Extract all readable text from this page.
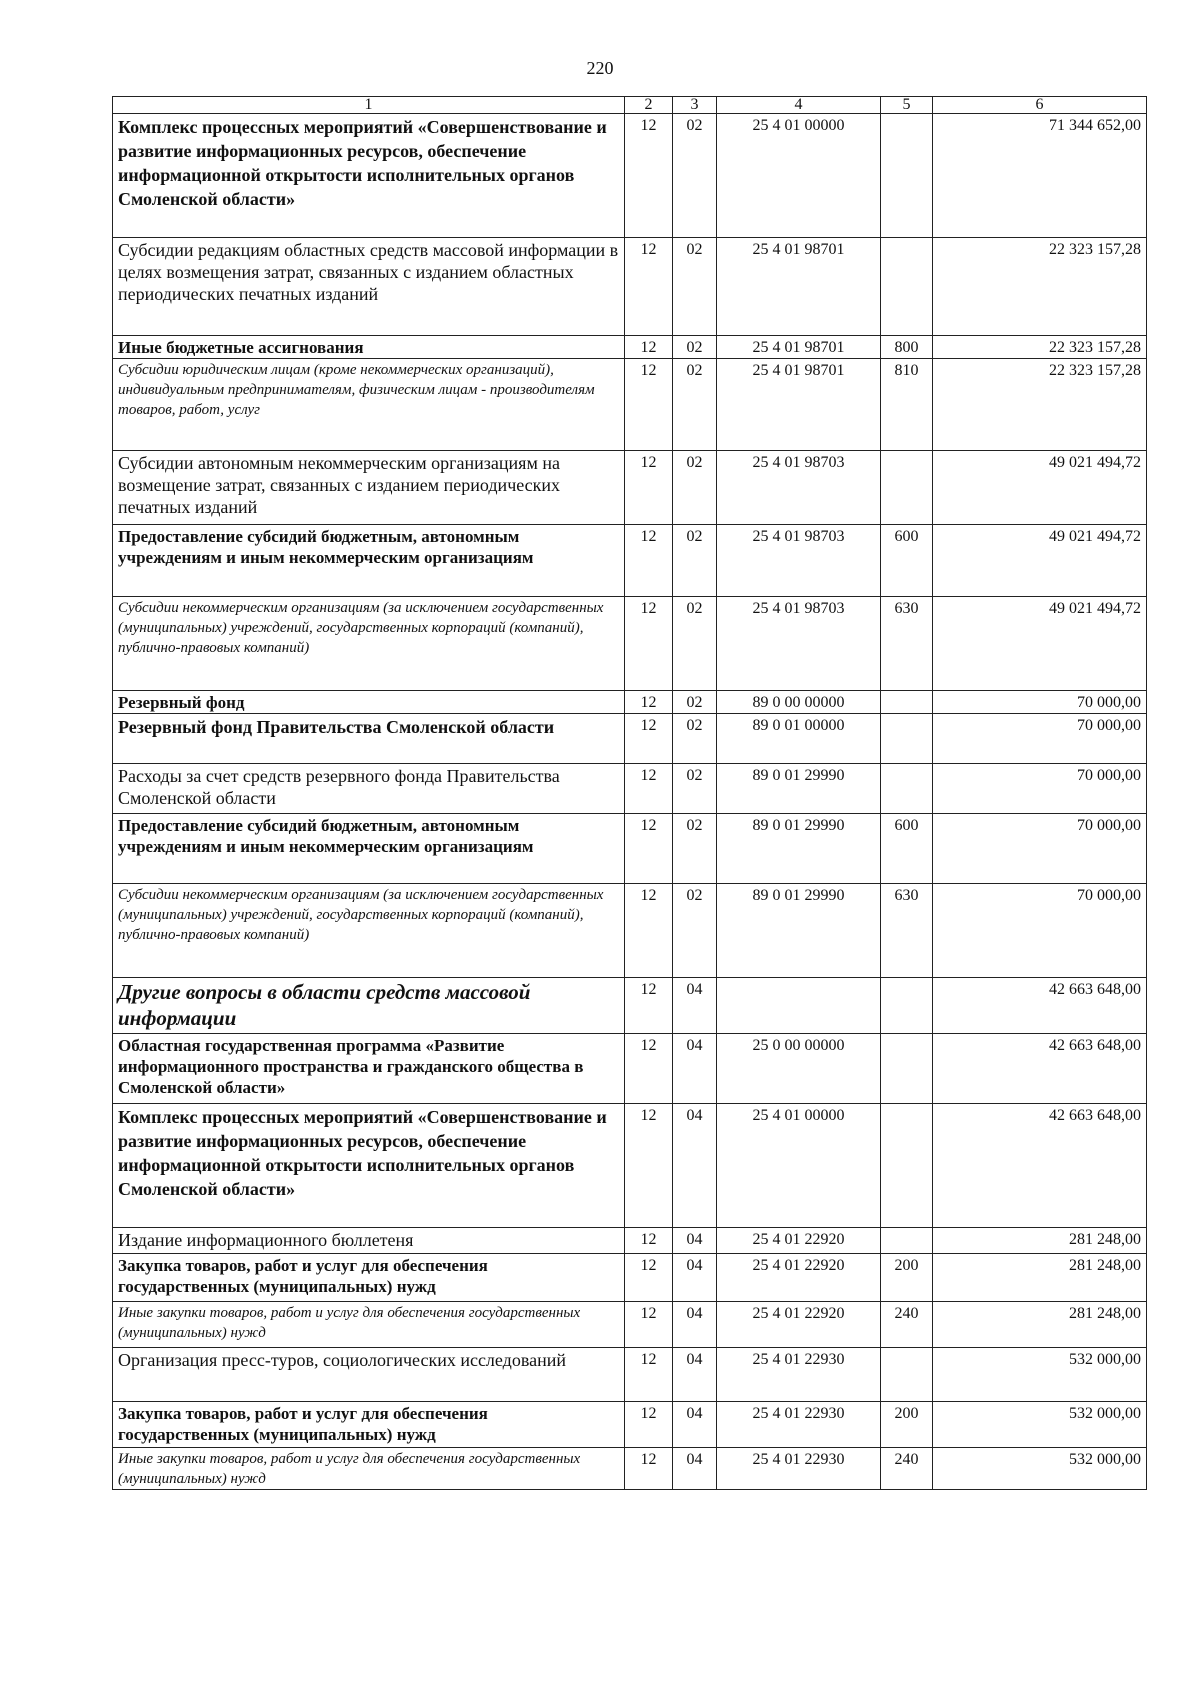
220
1	2	3	4	5	6
Комплекс процессных мероприятий «Совершенствование и развитие информационных ресурсов, обеспечение информационной открытости исполнительных органов Смоленской области»	12	02	25 4 01 00000		71 344 652,00
Субсидии редакциям областных средств массовой информации в целях возмещения затрат, связанных с изданием областных периодических печатных изданий	12	02	25 4 01 98701		22 323 157,28
Иные бюджетные ассигнования	12	02	25 4 01 98701	800	22 323 157,28
Субсидии юридическим лицам (кроме некоммерческих организаций), индивидуальным предпринимателям, физическим лицам - производителям товаров, работ, услуг	12	02	25 4 01 98701	810	22 323 157,28
Субсидии автономным некоммерческим организациям на возмещение затрат, связанных с изданием периодических печатных изданий	12	02	25 4 01 98703		49 021 494,72
Предоставление субсидий бюджетным, автономным учреждениям и иным некоммерческим организациям	12	02	25 4 01 98703	600	49 021 494,72
Субсидии некоммерческим организациям (за исключением государственных (муниципальных) учреждений, государственных корпораций (компаний), публично-правовых компаний)	12	02	25 4 01 98703	630	49 021 494,72
Резервный фонд	12	02	89 0 00 00000		70 000,00
Резервный фонд Правительства Смоленской области	12	02	89 0 01 00000		70 000,00
Расходы за счет средств резервного фонда Правительства Смоленской области	12	02	89 0 01 29990		70 000,00
Предоставление субсидий бюджетным, автономным учреждениям и иным некоммерческим организациям	12	02	89 0 01 29990	600	70 000,00
Субсидии некоммерческим организациям (за исключением государственных (муниципальных) учреждений, государственных корпораций (компаний), публично-правовых компаний)	12	02	89 0 01 29990	630	70 000,00
Другие вопросы в области средств массовой информации	12	04			42 663 648,00
Областная государственная программа «Развитие информационного пространства и гражданского общества в Смоленской области»	12	04	25 0 00 00000		42 663 648,00
Комплекс процессных мероприятий «Совершенствование и развитие информационных ресурсов, обеспечение информационной открытости исполнительных органов Смоленской области»	12	04	25 4 01 00000		42 663 648,00
Издание информационного бюллетеня	12	04	25 4 01 22920		281 248,00
Закупка товаров, работ и услуг для обеспечения государственных (муниципальных) нужд	12	04	25 4 01 22920	200	281 248,00
Иные закупки товаров, работ и услуг для обеспечения государственных (муниципальных) нужд	12	04	25 4 01 22920	240	281 248,00
Организация пресс-туров, социологических исследований	12	04	25 4 01 22930		532 000,00
Закупка товаров, работ и услуг для обеспечения государственных (муниципальных) нужд	12	04	25 4 01 22930	200	532 000,00
Иные закупки товаров, работ и услуг для обеспечения государственных (муниципальных) нужд	12	04	25 4 01 22930	240	532 000,00
